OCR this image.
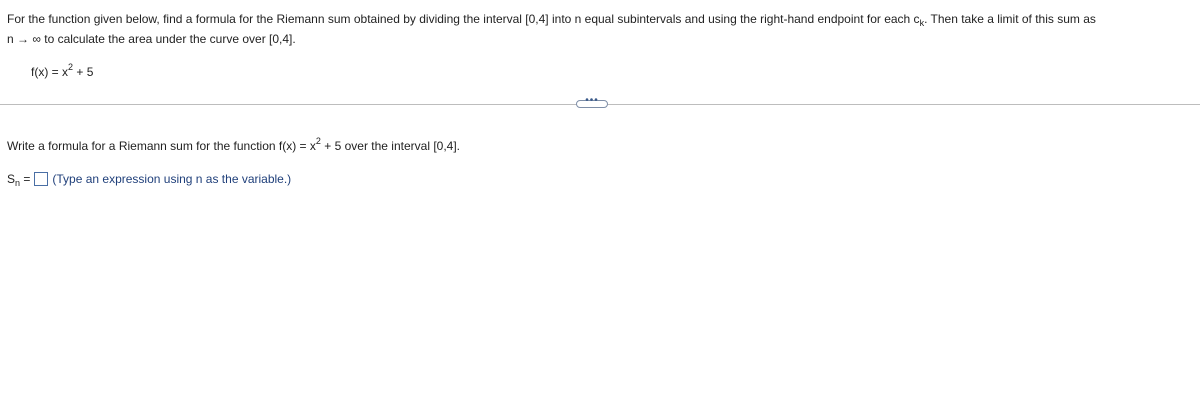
For the function given below, find a formula for the Riemann sum obtained by dividing the interval [0,4] into n equal subintervals and using the right-hand endpoint for each $c_k$. Then take a limit of this sum as
n → ∞ to calculate the area under the curve over [0,4].
$f(x) = x^2 + 5$
•••
Write a formula for a Riemann sum for the function $f(x) = x^2 + 5$ over the interval [0,4].
$S_n$ = (Type an expression using n as the variable.)
